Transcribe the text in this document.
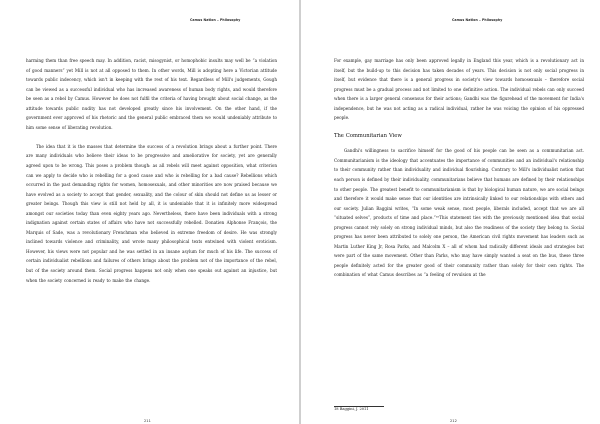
Camus Nation – Philosophy

harming them than free speech may. In addition, racist, misogynist, or homophobic insults may well be “a violation of good manners” yet Mill is not at all opposed to them. In other words, Mill is adopting here a Victorian attitude towards public indecency, which isn't in keeping with the rest of his text. Regardless of Mill's judgements, Gough can be viewed as a successful individual who has increased awareness of human body rights, and would therefore be seen as a rebel by Camus. However he does not fulfil the criteria of having brought about social change, as the attitude towards public nudity has not developed greatly since his involvement. On the other hand, if the government ever approved of his rhetoric and the general public embraced them we would undeniably attribute to him some sense of liberating revolution.

The idea that it is the masses that determine the success of a revolution brings about a further point. There are many individuals who believe their ideas to be progressive and ameliorative for society, yet are generally agreed upon to be wrong. This poses a problem though: as all rebels will meet against opposition, what criterion can we apply to decide who is rebelling for a good cause and who is rebelling for a bad cause? Rebellions which occurred in the past demanding rights for women, homosexuals, and other minorities are now praised because we have evolved as a society to accept that gender, sexuality, and the colour of skin should not define us as lesser or greater beings. Though this view is still not held by all, it is undeniable that it is infinitely more widespread amongst our societies today than even eighty years ago. Nevertheless, there have been individuals with a strong indignation against certain states of affairs who have not successfully rebelled. Donatien Alphonse François, the Marquis of Sade, was a revolutionary Frenchman who believed in extreme freedom of desire. He was strongly inclined towards violence and criminality, and wrote many philosophical texts entwined with violent eroticism. However, his views were not popular and he was settled in an insane asylum for much of his life. The success of certain individualist rebellions and failures of others brings about the problem not of the importance of the rebel, but of the society around them. Social progress happens not only when one speaks out against an injustice, but when the society concerned is ready to make the change.

211
Camus Nation – Philosophy

For example, gay marriage has only been approved legally in England this year, which is a revolutionary act in itself, but the build-up to this decision has taken decades of years. This decision is not only social progress in itself, but evidence that there is a general progress in society's view towards homosexuals – therefore social progress must be a gradual process and not limited to one definitive action. The individual rebels can only succeed when there is a larger general consensus for their actions; Gandhi was the figurehead of the movement for India's independence, but he was not acting as a radical individual, rather he was voicing the opinion of his oppressed people.

The Communitarian View

Gandhi's willingness to sacrifice himself for the good of his people can be seen as a communitarian act. Communitarianism is the ideology that accentuates the importance of communities and an individual's relationship to their community rather than individuality and individual flourishing. Contrary to Mill's individualist notion that each person is defined by their individuality, communitarians believe that humans are defined by their relationships to other people. The greatest benefit to communitarianism is that by biological human nature, we are social beings and therefore it would make sense that our identities are intrinsically linked to our relationships with others and our society. Julian Baggini writes, “In some weak sense, most people, liberals included, accept that we are all “situated selves”, products of time and place.”¹⁸This statement ties with the previously mentioned idea that social progress cannot rely solely on strong individual minds, but also the readiness of the society they belong to. Social progress has never been attributed to solely one person, the American civil rights movement has leaders such as Martin Luther King Jr, Rosa Parks, and Malcolm X – all of whom had radically different ideals and strategies but were part of the same movement. Other than Parks, who may have simply wanted a seat on the bus, these three people definitely acted for the greater good of their community rather than solely for their own rights. The combination of what Camus describes as “a feeling of revulsion at the

18 Baggini, J. 2011
212
